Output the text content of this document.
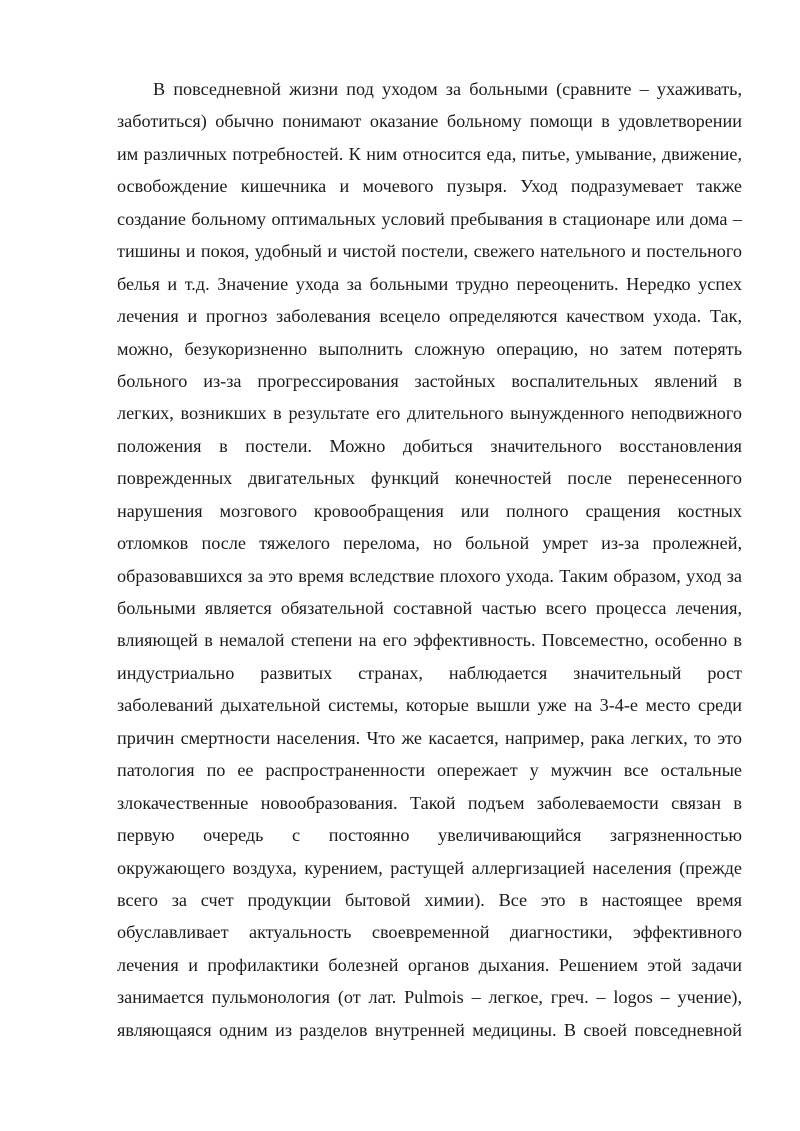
В повседневной жизни под уходом за больными (сравните – ухаживать,
заботиться) обычно понимают оказание больному помощи в удовлетворении
им различных потребностей. К ним относится еда, питье, умывание, движение,
освобождение кишечника и мочевого пузыря. Уход подразумевает также
создание больному оптимальных условий пребывания в стационаре или дома –
тишины и покоя, удобный и чистой постели, свежего нательного и постельного
белья и т.д. Значение ухода за больными трудно переоценить. Нередко успех
лечения и прогноз заболевания всецело определяются качеством ухода. Так,
можно, безукоризненно выполнить сложную операцию, но затем потерять
больного из-за прогрессирования застойных воспалительных явлений в
легких, возникших в результате его длительного вынужденного неподвижного
положения в постели. Можно добиться значительного восстановления
поврежденных двигательных функций конечностей после перенесенного
нарушения мозгового кровообращения или полного сращения костных
отломков после тяжелого перелома, но больной умрет из-за пролежней,
образовавшихся за это время вследствие плохого ухода. Таким образом, уход за
больными является обязательной составной частью всего процесса лечения,
влияющей в немалой степени на его эффективность. Повсеместно, особенно в
индустриально развитых странах, наблюдается значительный рост
заболеваний дыхательной системы, которые вышли уже на 3-4-е место среди
причин смертности населения. Что же касается, например, рака легких, то это
патология по ее распространенности опережает у мужчин все остальные
злокачественные новообразования. Такой подъем заболеваемости связан в
первую очередь с постоянно увеличивающийся загрязненностью
окружающего воздуха, курением, растущей аллергизацией населения (прежде
всего за счет продукции бытовой химии). Все это в настоящее время
обуславливает актуальность своевременной диагностики, эффективного
лечения и профилактики болезней органов дыхания. Решением этой задачи
занимается пульмонология (от лат. Pulmois – легкое, греч. – logos – учение),
являющаяся одним из разделов внутренней медицины. В своей повседневной
